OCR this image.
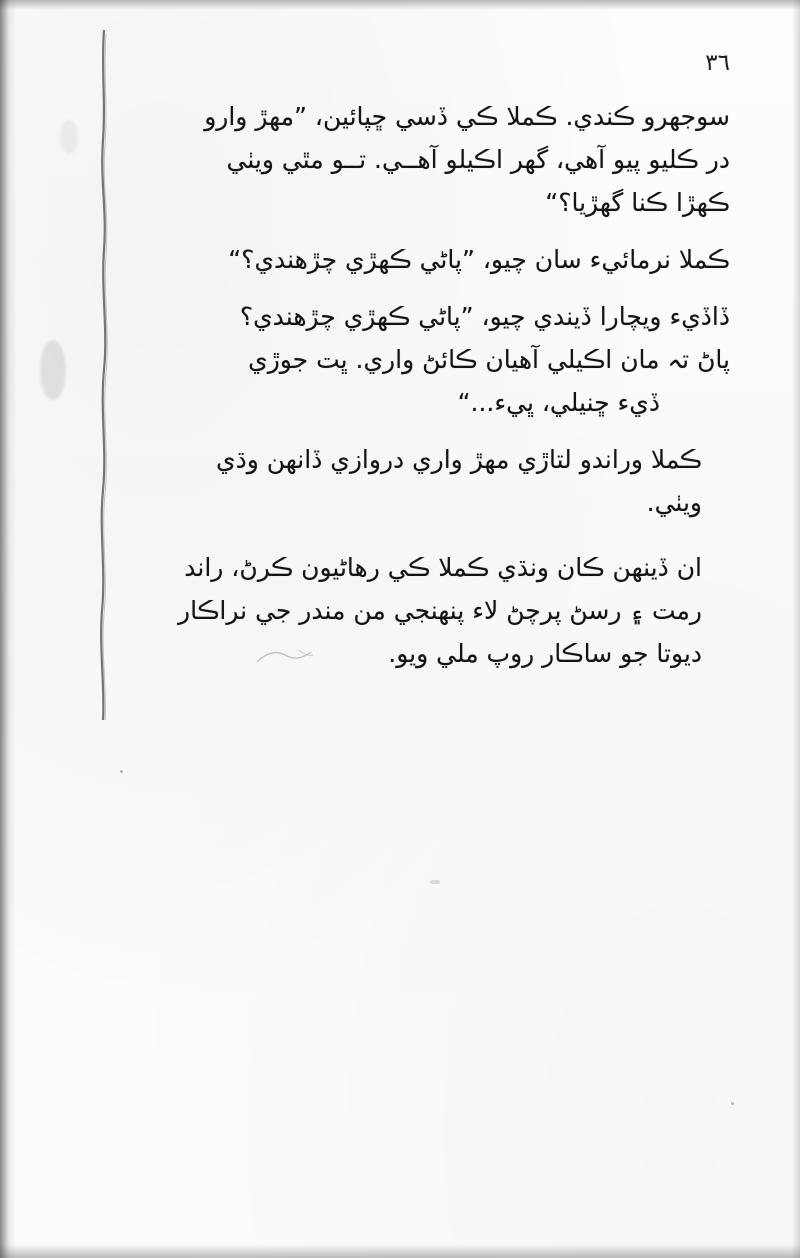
٣٦

سوجهرو ڪندي. ڪملا ڪي ڏسي ڇپائين، ”مهڙ وارو
در ڪليو پيو آهي، گهر اڪيلو آهــي. تــو مٿي ويٺي
ڪهڙا ڪنا گهڙيا؟“

ڪملا نرمائيء سان چيو، ”پاڻي ڪهڙي چڙهندي؟“

ڏاڏيء ويچارا ڏيندي چيو، ”پاڻي ڪهڙي چڙهندي؟
پاڻ تہ مان اڪيلي آهيان ڪائڻ واري. ڀت جوڙي
ڏيء ڇنيلي، ڀيء...“

ڪملا وراندو لتاڙي مهڙ واري دروازي ڏانهن وڌي
ويٺي.

ان ڏينهن ڪان ونڌي ڪملا ڪي رهاڻيون ڪرڻ، راند
رمت ۽ رسڻ پرچڻ لاء پنهنجي من مندر جي نراڪار
ديوتا جو ساڪار روپ ملي ويو.
